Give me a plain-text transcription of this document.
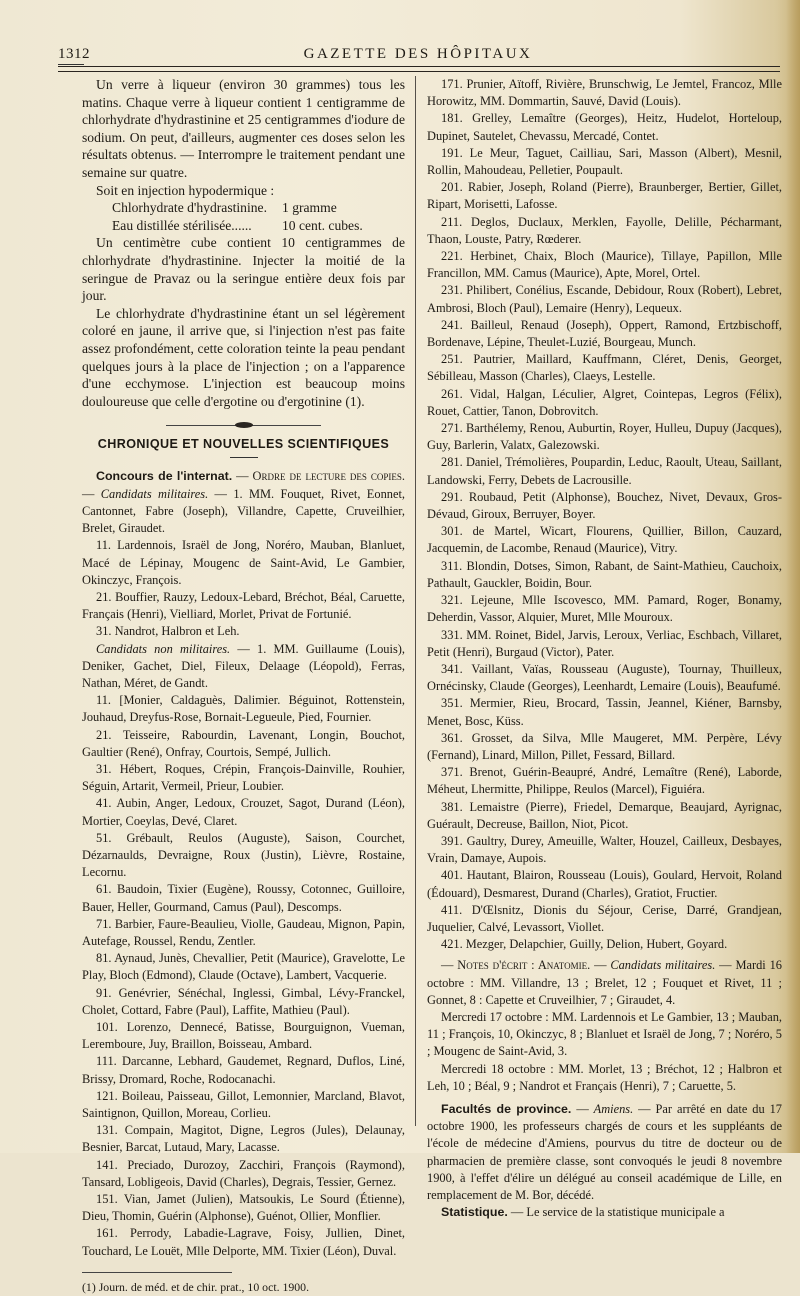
1312	GAZETTE DES HÔPITAUX

Un verre à liqueur (environ 30 grammes) tous les matins. Chaque verre à liqueur contient 1 centigramme de chlorhydrate d'hydrastinine et 25 centigrammes d'iodure de sodium. On peut, d'ailleurs, augmenter ces doses selon les résultats obtenus. — Interrompre le traitement pendant une semaine sur quatre.

Soit en injection hypodermique :

Chlorhydrate d'hydrastinine.	1 gramme
Eau distillée stérilisée......	10 cent. cubes.

Un centimètre cube contient 10 centigrammes de chlorhydrate d'hydrastinine. Injecter la moitié de la seringue de Pravaz ou la seringue entière deux fois par jour.

Le chlorhydrate d'hydrastinine étant un sel légèrement coloré en jaune, il arrive que, si l'injection n'est pas faite assez profondément, cette coloration teinte la peau pendant quelques jours à la place de l'injection ; on a l'apparence d'une ecchymose. L'injection est beaucoup moins douloureuse que celle d'ergotine ou d'ergotinine (1).

CHRONIQUE ET NOUVELLES SCIENTIFIQUES

Concours de l'internat. — Ordre de lecture des copies. — Candidats militaires. — 1. MM. Fouquet, Rivet, Eonnet, Cantonnet, Fabre (Joseph), Villandre, Capette, Cruveilhier, Brelet, Giraudet.

11. Lardennois, Israël de Jong, Noréro, Mauban, Blanluet, Macé de Lépinay, Mougenc de Saint-Avid, Le Gambier, Okinczyc, François.

21. Bouffier, Rauzy, Ledoux-Lebard, Bréchot, Béal, Caruette, Français (Henri), Vielliard, Morlet, Privat de Fortunié.

31. Nandrot, Halbron et Leh.

Candidats non militaires. — 1. MM. Guillaume (Louis), Deniker, Gachet, Diel, Fileux, Delaage (Léopold), Ferras, Nathan, Méret, de Gandt.

11. [Monier, Caldaguès, Dalimier. Béguinot, Rottenstein, Jouhaud, Dreyfus-Rose, Bornait-Legueule, Pied, Fournier.

21. Teisseire, Rabourdin, Lavenant, Longin, Bouchot, Gaultier (René), Onfray, Courtois, Sempé, Jullich.

31. Hébert, Roques, Crépin, François-Dainville, Rouhier, Séguin, Artarit, Vermeil, Prieur, Loubier.

41. Aubin, Anger, Ledoux, Crouzet, Sagot, Durand (Léon), Mortier, Coeylas, Devé, Claret.

51. Grébault, Reulos (Auguste), Saison, Courchet, Dézarnaulds, Devraigne, Roux (Justin), Lièvre, Rostaine, Lecornu.

61. Baudoin, Tixier (Eugène), Roussy, Cotonnec, Guilloire, Bauer, Heller, Gourmand, Camus (Paul), Descomps.

71. Barbier, Faure-Beaulieu, Violle, Gaudeau, Mignon, Papin, Autefage, Roussel, Rendu, Zentler.

81. Aynaud, Junès, Chevallier, Petit (Maurice), Gravelotte, Le Play, Bloch (Edmond), Claude (Octave), Lambert, Vacquerie.

91. Genévrier, Sénéchal, Inglessi, Gimbal, Lévy-Franckel, Cholet, Cottard, Fabre (Paul), Laffite, Mathieu (Paul).

101. Lorenzo, Dennecé, Batisse, Bourguignon, Vueman, Leremboure, Juy, Braillon, Boisseau, Ambard.

111. Darcanne, Lebhard, Gaudemet, Regnard, Duflos, Liné, Brissy, Dromard, Roche, Rodocanachi.

121. Boileau, Paisseau, Gillot, Lemonnier, Marcland, Blavot, Saintignon, Quillon, Moreau, Corlieu.

131. Compain, Magitot, Digne, Legros (Jules), Delaunay, Besnier, Barcat, Lutaud, Mary, Lacasse.

141. Preciado, Durozoy, Zacchiri, François (Raymond), Tansard, Lobligeois, David (Charles), Degrais, Tessier, Gernez.

151. Vian, Jamet (Julien), Matsoukis, Le Sourd (Étienne), Dieu, Thomin, Guérin (Alphonse), Guénot, Ollier, Monflier.

161. Perrody, Labadie-Lagrave, Foisy, Jullien, Dinet, Touchard, Le Louët, Mlle Delporte, MM. Tixier (Léon), Duval.

(1) Journ. de méd. et de chir. prat., 10 oct. 1900.

171. Prunier, Aïtoff, Rivière, Brunschwig, Le Jemtel, Francoz, Mlle Horowitz, MM. Dommartin, Sauvé, David (Louis).

181. Grelley, Lemaître (Georges), Heitz, Hudelot, Horteloup, Dupinet, Sautelet, Chevassu, Mercadé, Contet.

191. Le Meur, Taguet, Cailliau, Sari, Masson (Albert), Mesnil, Rollin, Mahoudeau, Pelletier, Poupault.

201. Rabier, Joseph, Roland (Pierre), Braunberger, Bertier, Gillet, Ripart, Morisetti, Lafosse.

211. Deglos, Duclaux, Merklen, Fayolle, Delille, Pécharmant, Thaon, Louste, Patry, Rœderer.

221. Herbinet, Chaix, Bloch (Maurice), Tillaye, Papillon, Mlle Francillon, MM. Camus (Maurice), Apte, Morel, Ortel.

231. Philibert, Conélius, Escande, Debidour, Roux (Robert), Lebret, Ambrosi, Bloch (Paul), Lemaire (Henry), Lequeux.

241. Bailleul, Renaud (Joseph), Oppert, Ramond, Ertzbischoff, Bordenave, Lépine, Theulet-Luzié, Bourgeau, Munch.

251. Pautrier, Maillard, Kauffmann, Cléret, Denis, Georget, Sébilleau, Masson (Charles), Claeys, Lestelle.

261. Vidal, Halgan, Léculier, Algret, Cointepas, Legros (Félix), Rouet, Cattier, Tanon, Dobrovitch.

271. Barthélemy, Renou, Auburtin, Royer, Hulleu, Dupuy (Jacques), Guy, Barlerin, Valatx, Galezowski.

281. Daniel, Trémolières, Poupardin, Leduc, Raoult, Uteau, Saillant, Landowski, Ferry, Debets de Lacrousille.

291. Roubaud, Petit (Alphonse), Bouchez, Nivet, Devaux, Gros-Dévaud, Giroux, Berruyer, Boyer.

301. de Martel, Wicart, Flourens, Quillier, Billon, Cauzard, Jacquemin, de Lacombe, Renaud (Maurice), Vitry.

311. Blondin, Dotses, Simon, Rabant, de Saint-Mathieu, Cauchoix, Pathault, Gauckler, Boidin, Bour.

321. Lejeune, Mlle Iscovesco, MM. Pamard, Roger, Bonamy, Deherdin, Vassor, Alquier, Muret, Mlle Mouroux.

331. MM. Roinet, Bidel, Jarvis, Leroux, Verliac, Eschbach, Villaret, Petit (Henri), Burgaud (Victor), Pater.

341. Vaillant, Vaïas, Rousseau (Auguste), Tournay, Thuilleux, Ornécinsky, Claude (Georges), Leenhardt, Lemaire (Louis), Beaufumé.

351. Mermier, Rieu, Brocard, Tassin, Jeannel, Kiéner, Barnsby, Menet, Bosc, Küss.

361. Grosset, da Silva, Mlle Maugeret, MM. Perpère, Lévy (Fernand), Linard, Millon, Pillet, Fessard, Billard.

371. Brenot, Guérin-Beaupré, André, Lemaître (René), Laborde, Méheut, Lhermitte, Philippe, Reulos (Marcel), Figuiéra.

381. Lemaistre (Pierre), Friedel, Demarque, Beaujard, Ayrignac, Guérault, Decreuse, Baillon, Niot, Picot.

391. Gaultry, Durey, Ameuille, Walter, Houzel, Cailleux, Desbayes, Vrain, Damaye, Aupois.

401. Hautant, Blairon, Rousseau (Louis), Goulard, Hervoit, Roland (Édouard), Desmarest, Durand (Charles), Gratiot, Fructier.

411. D'Œlsnitz, Dionis du Séjour, Cerise, Darré, Grandjean, Juquelier, Calvé, Levassort, Viollet.

421. Mezger, Delapchier, Guilly, Delion, Hubert, Goyard.

— Notes d'écrit : Anatomie. — Candidats militaires. — Mardi 16 octobre : MM. Villandre, 13 ; Brelet, 12 ; Fouquet et Rivet, 11 ; Gonnet, 8 : Capette et Cruveilhier, 7 ; Giraudet, 4.

Mercredi 17 octobre : MM. Lardennois et Le Gambier, 13 ; Mauban, 11 ; François, 10, Okinczyc, 8 ; Blanluet et Israël de Jong, 7 ; Noréro, 5 ; Mougenc de Saint-Avid, 3.

Mercredi 18 octobre : MM. Morlet, 13 ; Bréchot, 12 ; Halbron et Leh, 10 ; Béal, 9 ; Nandrot et Français (Henri), 7 ; Caruette, 5.

Facultés de province. — Amiens. — Par arrêté en date du 17 octobre 1900, les professeurs chargés de cours et les suppléants de l'école de médecine d'Amiens, pourvus du titre de docteur ou de pharmacien de première classe, sont convoqués le jeudi 8 novembre 1900, à l'effet d'élire un délégué au conseil académique de Lille, en remplacement de M. Bor, décédé.

Statistique. — Le service de la statistique municipale a
